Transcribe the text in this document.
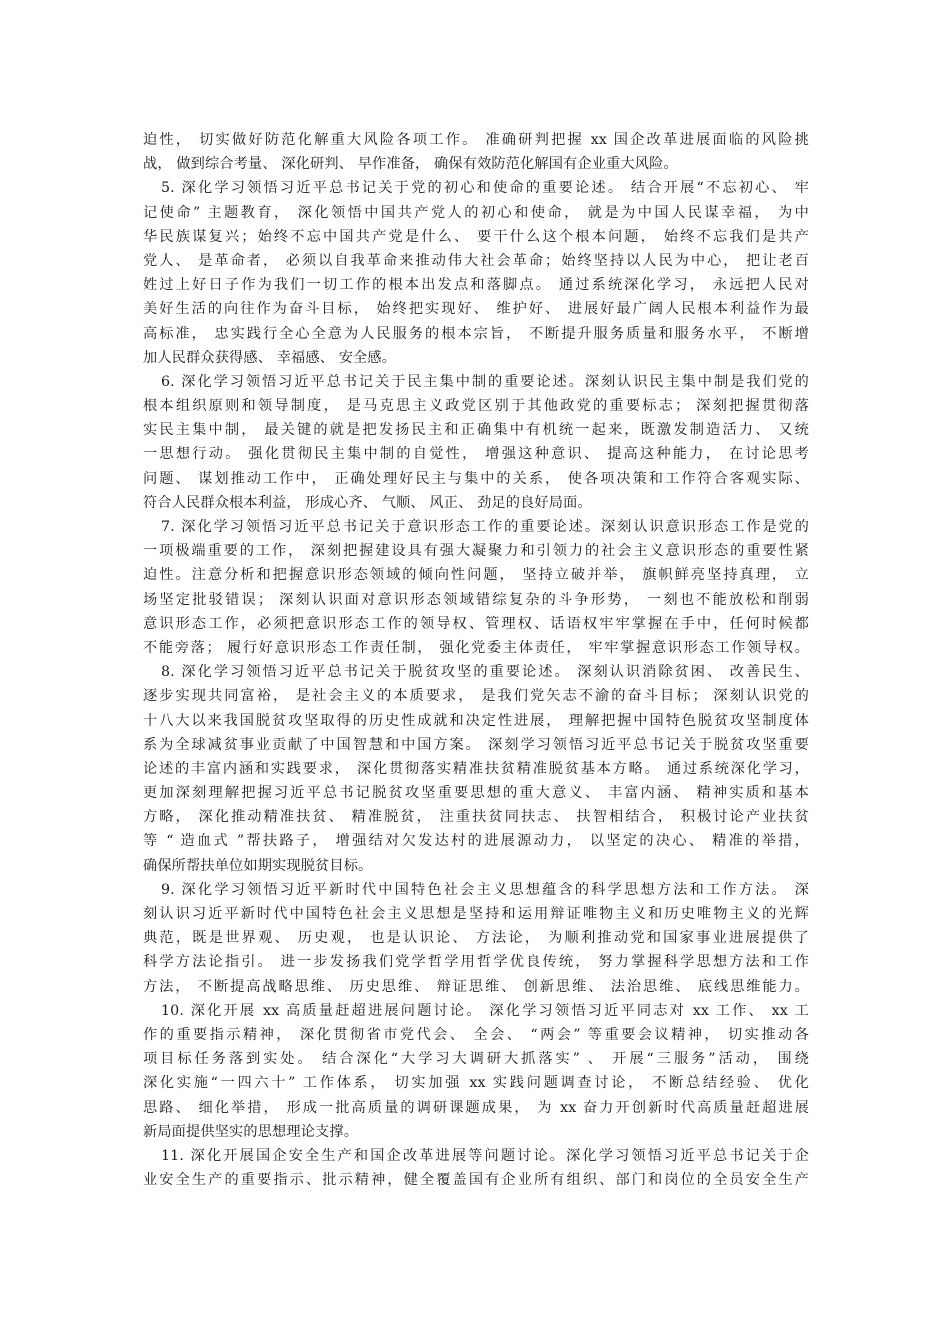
迫性， 切实做好防范化解重大风险各项工作。 准确研判把握 xx 国企改革进展面临的风险挑
战， 做到综合考量、 深化研判、 早作准备， 确保有效防范化解国有企业重大风险。
5. 深化学习领悟习近平总书记关于党的初心和使命的重要论述。 结合开展“不忘初心、 牢
记使命” 主题教育， 深化领悟中国共产党人的初心和使命， 就是为中国人民谋幸福， 为中
华民族谋复兴；始终不忘中国共产党是什么、 要干什么这个根本问题， 始终不忘我们是共产
党人、 是革命者， 必须以自我革命来推动伟大社会革命；始终坚持以人民为中心， 把让老百
姓过上好日子作为我们一切工作的根本出发点和落脚点。 通过系统深化学习， 永远把人民对
美好生活的向往作为奋斗目标， 始终把实现好、 维护好、 进展好最广阔人民根本利益作为最
高标准， 忠实践行全心全意为人民服务的根本宗旨， 不断提升服务质量和服务水平， 不断增
加人民群众获得感、 幸福感、 安全感。
6. 深化学习领悟习近平总书记关于民主集中制的重要论述。深刻认识民主集中制是我们党的
根本组织原则和领导制度， 是马克思主义政党区别于其他政党的重要标志； 深刻把握贯彻落
实民主集中制， 最关键的就是把发扬民主和正确集中有机统一起来，既激发制造活力、 又统
一思想行动。 强化贯彻民主集中制的自觉性， 增强这种意识、 提高这种能力， 在讨论思考
问题、 谋划推动工作中， 正确处理好民主与集中的关系， 使各项决策和工作符合客观实际、
符合人民群众根本利益， 形成心齐、 气顺、 风正、 劲足的良好局面。
7. 深化学习领悟习近平总书记关于意识形态工作的重要论述。深刻认识意识形态工作是党的
一项极端重要的工作， 深刻把握建设具有强大凝聚力和引领力的社会主义意识形态的重要性紧
迫性。注意分析和把握意识形态领域的倾向性问题， 坚持立破并举， 旗帜鲜亮坚持真理， 立
场坚定批驳错误； 深刻认识面对意识形态领域错综复杂的斗争形势， 一刻也不能放松和削弱
意识形态工作，必须把意识形态工作的领导权、管理权、话语权牢牢掌握在手中，任何时候都
不能旁落； 履行好意识形态工作责任制， 强化党委主体责任， 牢牢掌握意识形态工作领导权。
8. 深化学习领悟习近平总书记关于脱贫攻坚的重要论述。 深刻认识消除贫困、 改善民生、
逐步实现共同富裕， 是社会主义的本质要求， 是我们党矢志不渝的奋斗目标； 深刻认识党的
十八大以来我国脱贫攻坚取得的历史性成就和决定性进展， 理解把握中国特色脱贫攻坚制度体
系为全球减贫事业贡献了中国智慧和中国方案。 深刻学习领悟习近平总书记关于脱贫攻坚重要
论述的丰富内涵和实践要求， 深化贯彻落实精准扶贫精准脱贫基本方略。 通过系统深化学习，
更加深刻理解把握习近平总书记脱贫攻坚重要思想的重大意义、 丰富内涵、 精神实质和基本
方略， 深化推动精准扶贫、 精准脱贫， 注重扶贫同扶志、 扶智相结合， 积极讨论产业扶贫
等 “ 造血式 ”帮扶路子， 增强结对欠发达村的进展源动力， 以坚定的决心、 精准的举措，
确保所帮扶单位如期实现脱贫目标。
9. 深化学习领悟习近平新时代中国特色社会主义思想蕴含的科学思想方法和工作方法。 深
刻认识习近平新时代中国特色社会主义思想是坚持和运用辩证唯物主义和历史唯物主义的光辉
典范，既是世界观、 历史观， 也是认识论、 方法论， 为顺利推动党和国家事业进展提供了
科学方法论指引。 进一步发扬我们党学哲学用哲学优良传统， 努力掌握科学思想方法和工作
方法， 不断提高战略思维、 历史思维、 辩证思维、 创新思维、 法治思维、 底线思维能力。
10. 深化开展 xx 高质量赶超进展问题讨论。 深化学习领悟习近平同志对 xx 工作、 xx 工
作的重要指示精神， 深化贯彻省市党代会、 全会、 “两会” 等重要会议精神， 切实推动各
项目标任务落到实处。 结合深化“大学习大调研大抓落实” 、 开展“三服务”活动， 围绕
深化实施“一四六十” 工作体系， 切实加强 xx 实践问题调查讨论， 不断总结经验、 优化
思路、 细化举措， 形成一批高质量的调研课题成果， 为 xx 奋力开创新时代高质量赶超进展
新局面提供坚实的思想理论支撑。
11. 深化开展国企安全生产和国企改革进展等问题讨论。深化学习领悟习近平总书记关于企
业安全生产的重要指示、批示精神，健全覆盖国有企业所有组织、部门和岗位的全员安全生产
